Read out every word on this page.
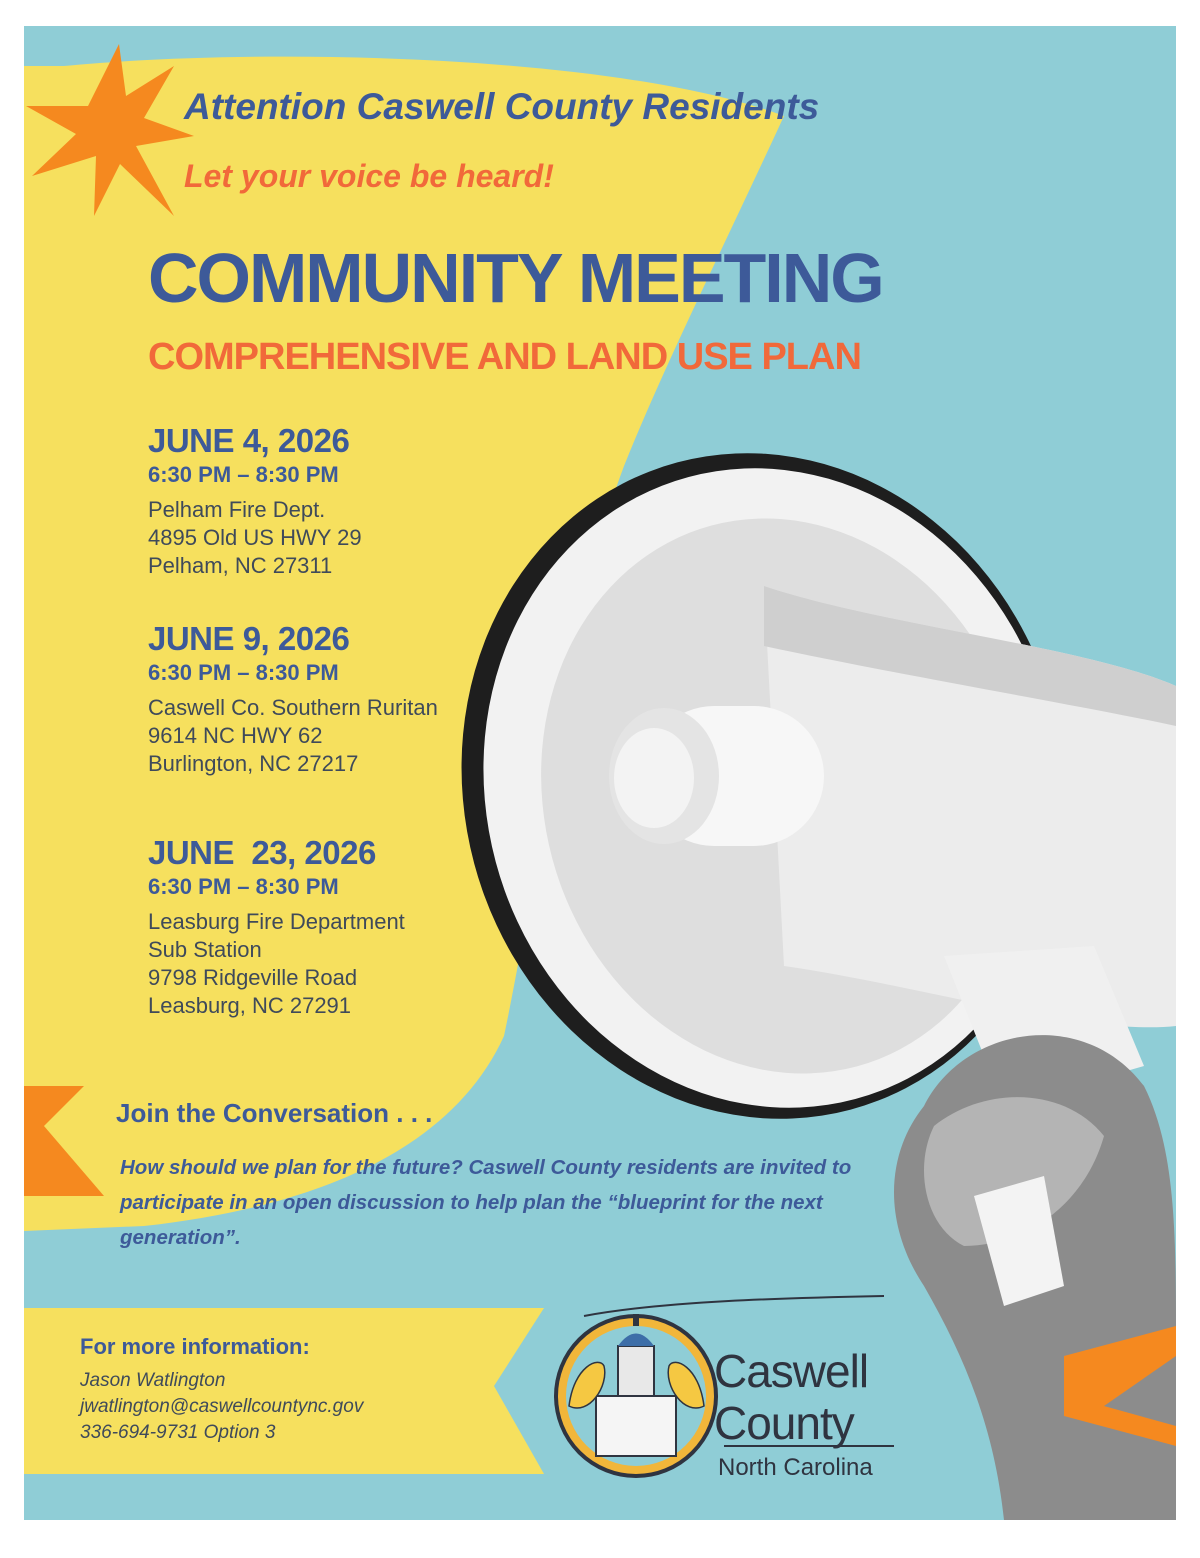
Attention Caswell County Residents

Let your voice be heard!

COMMUNITY MEETING

COMPREHENSIVE AND LAND USE PLAN

JUNE 4, 2026
6:30 PM – 8:30 PM
Pelham Fire Dept.
4895 Old US HWY 29
Pelham, NC 27311
JUNE 9, 2026
6:30 PM – 8:30 PM
Caswell Co. Southern Ruritan
9614 NC HWY 62
Burlington, NC 27217
JUNE  23, 2026
6:30 PM – 8:30 PM
Leasburg Fire Department
Sub Station
9798 Ridgeville Road
Leasburg, NC 27291

Join the Conversation . . .

How should we plan for the future? Caswell County residents are invited to participate in an open discussion to help plan the “blueprint for the next generation”.

For more information:

Jason Watlington

jwatlington@caswellcountync.gov

336-694-9731 Option 3

Caswell

County

North Carolina
